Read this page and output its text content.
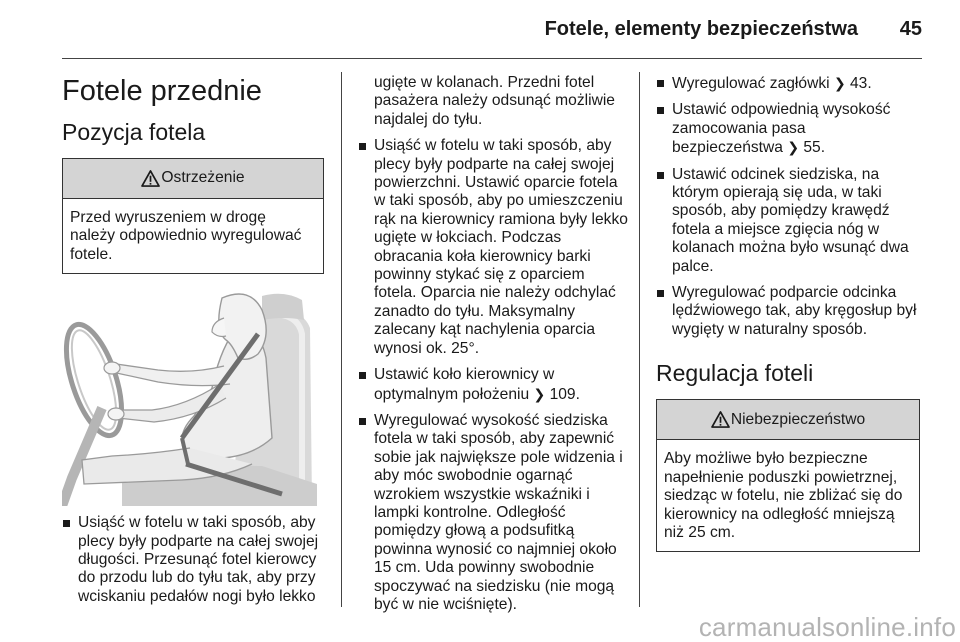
Fotele, elementy bezpieczeństwa 45
Fotele przednie
Pozycja fotela
Ostrzeżenie
Przed wyruszeniem w drogę należy odpowiednio wyregulować fotele.
Usiąść w fotelu w taki sposób, aby plecy były podparte na całej swojej długości. Przesunąć fotel kierowcy do przodu lub do tyłu tak, aby przy wciskaniu pedałów nogi było lekko
ugięte w kolanach. Przedni fotel pasażera należy odsunąć możliwie najdalej do tyłu.
Usiąść w fotelu w taki sposób, aby plecy były podparte na całej swojej powierzchni. Ustawić oparcie fotela w taki sposób, aby po umieszczeniu rąk na kierownicy ramiona były lekko ugięte w łokciach. Podczas obracania koła kierownicy barki powinny stykać się z oparciem fotela. Oparcia nie należy odchylać zanadto do tyłu. Maksymalny zalecany kąt nachylenia oparcia wynosi ok. 25°.
Ustawić koło kierownicy w optymalnym położeniu ❯ 109.
Wyregulować wysokość siedziska fotela w taki sposób, aby zapewnić sobie jak największe pole widzenia i aby móc swobodnie ogarnąć wzrokiem wszystkie wskaźniki i lampki kontrolne. Odległość pomiędzy głową a podsufitką powinna wynosić co najmniej około 15 cm. Uda powinny swobodnie spoczywać na siedzisku (nie mogą być w nie wciśnięte).
Wyregulować zagłówki ❯ 43.
Ustawić odpowiednią wysokość zamocowania pasa bezpieczeństwa ❯ 55.
Ustawić odcinek siedziska, na którym opierają się uda, w taki sposób, aby pomiędzy krawędź fotela a miejsce zgięcia nóg w kolanach można było wsunąć dwa palce.
Wyregulować podparcie odcinka lędźwiowego tak, aby kręgosłup był wygięty w naturalny sposób.
Regulacja foteli
Niebezpieczeństwo
Aby możliwe było bezpieczne napełnienie poduszki powietrznej, siedząc w fotelu, nie zbliżać się do kierownicy na odległość mniejszą niż 25 cm.
carmanualsonline.info
